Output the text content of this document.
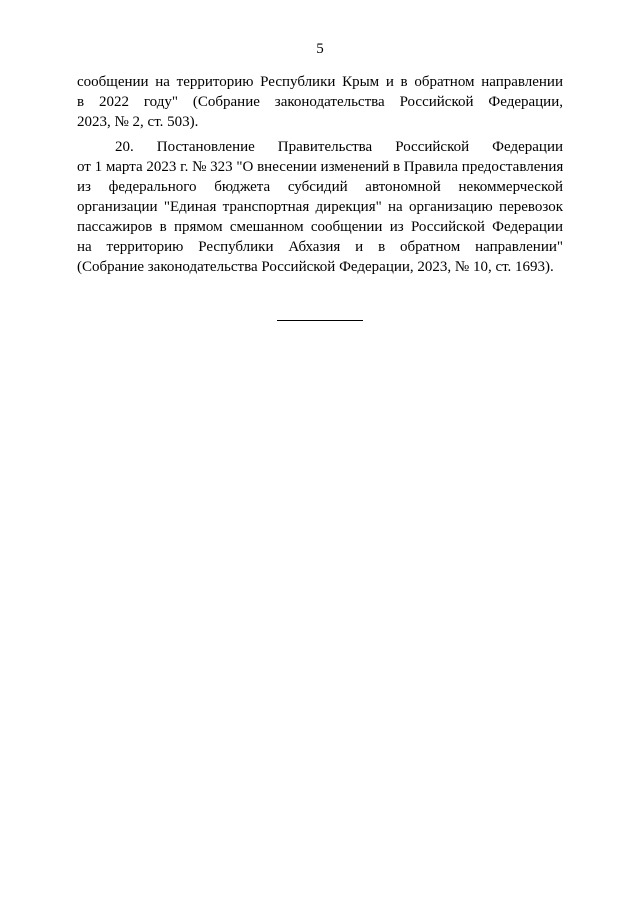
5
сообщении на территорию Республики Крым и в обратном направлении
в 2022 году" (Собрание законодательства Российской Федерации,
2023, № 2, ст. 503).
20. Постановление Правительства Российской Федерации
от 1 марта 2023 г. № 323 "О внесении изменений в Правила предоставления
из федерального бюджета субсидий автономной некоммерческой
организации "Единая транспортная дирекция" на организацию перевозок
пассажиров в прямом смешанном сообщении из Российской Федерации
на территорию Республики Абхазия и в обратном направлении"
(Собрание законодательства Российской Федерации, 2023, № 10, ст. 1693).
